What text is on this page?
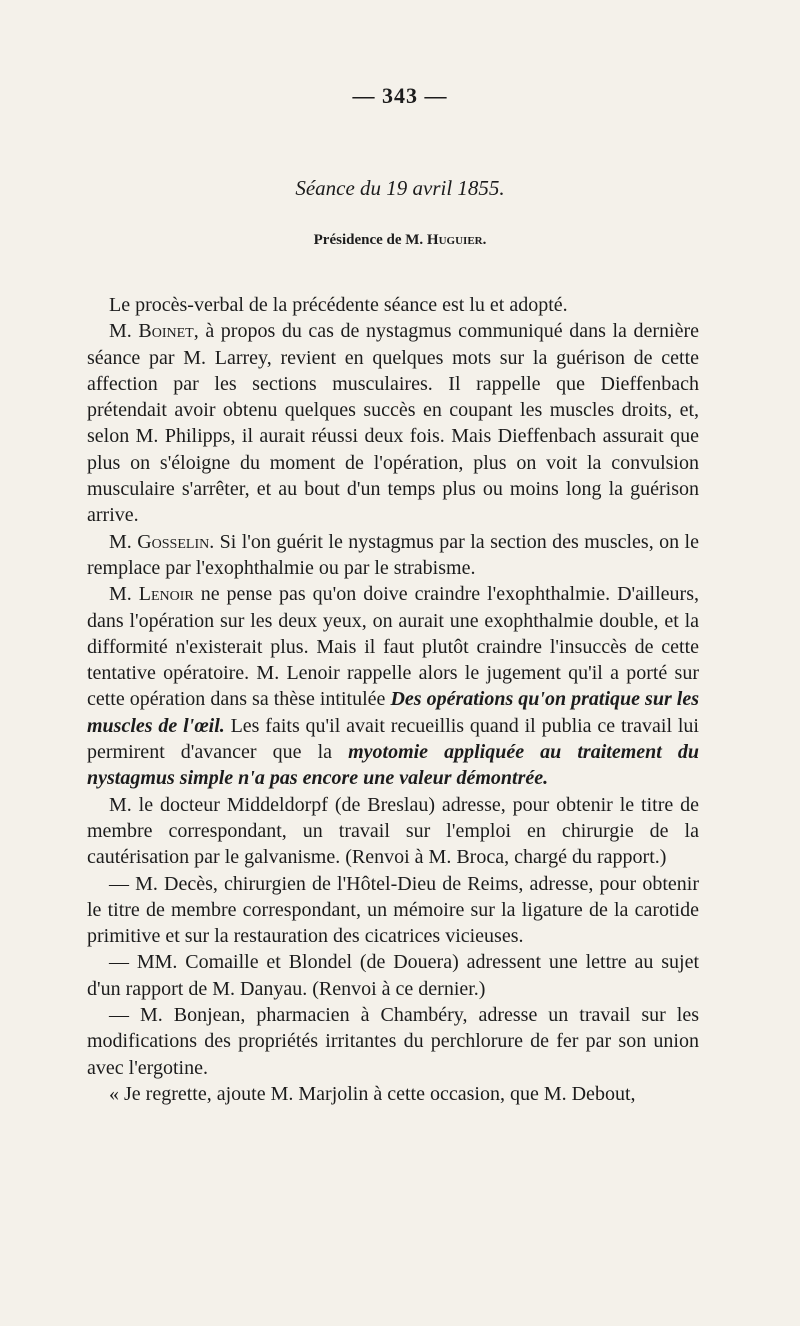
— 343 —
Séance du 19 avril 1855.
Présidence de M. Huguier.

Le procès-verbal de la précédente séance est lu et adopté.

M. Boinet, à propos du cas de nystagmus communiqué dans la dernière séance par M. Larrey, revient en quelques mots sur la guérison de cette affection par les sections musculaires. Il rappelle que Dieffenbach prétendait avoir obtenu quelques succès en coupant les muscles droits, et, selon M. Philipps, il aurait réussi deux fois. Mais Dieffenbach assurait que plus on s'éloigne du moment de l'opération, plus on voit la convulsion musculaire s'arrêter, et au bout d'un temps plus ou moins long la guérison arrive.

M. Gosselin. Si l'on guérit le nystagmus par la section des muscles, on le remplace par l'exophthalmie ou par le strabisme.

M. Lenoir ne pense pas qu'on doive craindre l'exophthalmie. D'ailleurs, dans l'opération sur les deux yeux, on aurait une exophthalmie double, et la difformité n'existerait plus. Mais il faut plutôt craindre l'insuccès de cette tentative opératoire. M. Lenoir rappelle alors le jugement qu'il a porté sur cette opération dans sa thèse intitulée Des opérations qu'on pratique sur les muscles de l'œil. Les faits qu'il avait recueillis quand il publia ce travail lui permirent d'avancer que la myotomie appliquée au traitement du nystagmus simple n'a pas encore une valeur démontrée.

M. le docteur Middeldorpf (de Breslau) adresse, pour obtenir le titre de membre correspondant, un travail sur l'emploi en chirurgie de la cautérisation par le galvanisme. (Renvoi à M. Broca, chargé du rapport.)

— M. Decès, chirurgien de l'Hôtel-Dieu de Reims, adresse, pour obtenir le titre de membre correspondant, un mémoire sur la ligature de la carotide primitive et sur la restauration des cicatrices vicieuses.

— MM. Comaille et Blondel (de Douera) adressent une lettre au sujet d'un rapport de M. Danyau. (Renvoi à ce dernier.)

— M. Bonjean, pharmacien à Chambéry, adresse un travail sur les modifications des propriétés irritantes du perchlorure de fer par son union avec l'ergotine.

« Je regrette, ajoute M. Marjolin à cette occasion, que M. Debout,
